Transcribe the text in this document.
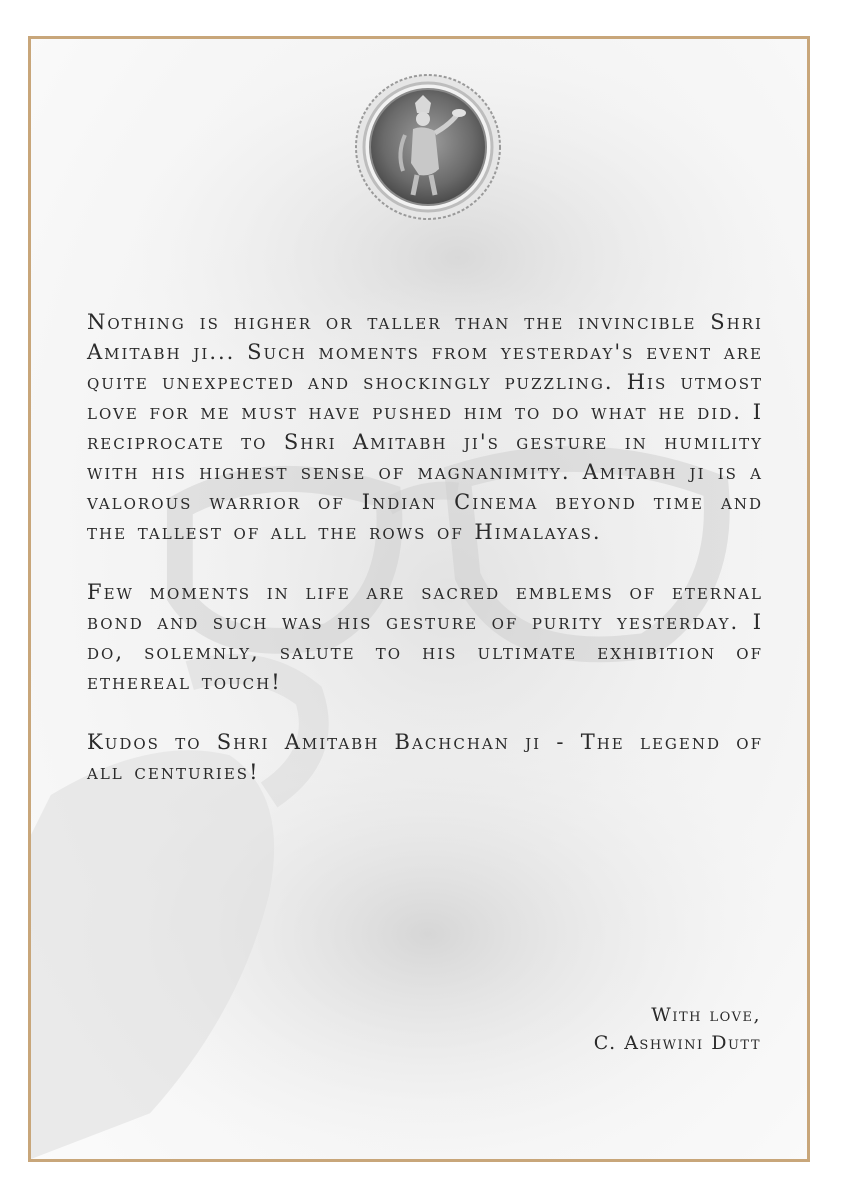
Nothing is higher or taller than the invincible Shri Amitabh ji... Such moments from yesterday's event are quite unexpected and shockingly puzzling. His utmost love for me must have pushed him to do what he did. I reciprocate to Shri Amitabh ji's gesture in humility with his highest sense of magnanimity. Amitabh ji is a valorous warrior of Indian Cinema beyond time and the tallest of all the rows of Himalayas.

Few moments in life are sacred emblems of eternal bond and such was his gesture of purity yesterday. I do, solemnly, salute to his ultimate exhibition of ethereal touch!

Kudos to Shri Amitabh Bachchan ji - The legend of all centuries!

With love,
C. Ashwini Dutt
